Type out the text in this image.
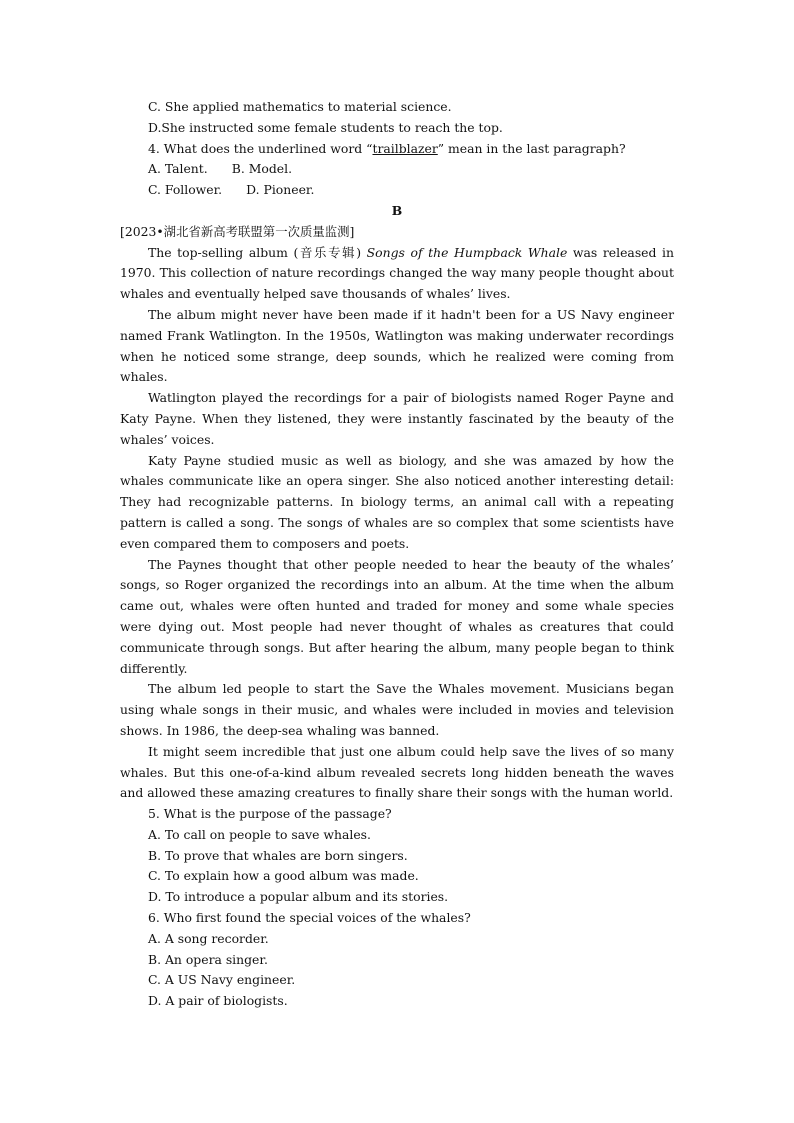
C. She applied mathematics to material science.
D.She instructed some female students to reach the top.
4. What does the underlined word “trailblazer” mean in the last paragraph?
A. Talent. B. Model.
C. Follower. D. Pioneer.
B
[2023•湖北省新高考联盟第一次质量监测]

The top-selling album (音乐专辑) Songs of the Humpback Whale was released in 1970. This collection of nature recordings changed the way many people thought about whales and eventually helped save thousands of whales’ lives.

The album might never have been made if it hadn't been for a US Navy engineer named Frank Watlington. In the 1950s, Watlington was making underwater recordings when he noticed some strange, deep sounds, which he realized were coming from whales.

Watlington played the recordings for a pair of biologists named Roger Payne and Katy Payne. When they listened, they were instantly fascinated by the beauty of the whales’ voices.

Katy Payne studied music as well as biology, and she was amazed by how the whales communicate like an opera singer. She also noticed another interesting detail: They had recognizable patterns. In biology terms, an animal call with a repeating pattern is called a song. The songs of whales are so complex that some scientists have even compared them to composers and poets.

The Paynes thought that other people needed to hear the beauty of the whales’ songs, so Roger organized the recordings into an album. At the time when the album came out, whales were often hunted and traded for money and some whale species were dying out. Most people had never thought of whales as creatures that could communicate through songs. But after hearing the album, many people began to think differently.

The album led people to start the Save the Whales movement. Musicians began using whale songs in their music, and whales were included in movies and television shows. In 1986, the deep-sea whaling was banned.

It might seem incredible that just one album could help save the lives of so many whales. But this one-of-a-kind album revealed secrets long hidden beneath the waves and allowed these amazing creatures to finally share their songs with the human world.

5. What is the purpose of the passage?
A. To call on people to save whales.
B. To prove that whales are born singers.
C. To explain how a good album was made.
D. To introduce a popular album and its stories.
6. Who first found the special voices of the whales?
A. A song recorder.
B. An opera singer.
C. A US Navy engineer.
D. A pair of biologists.
